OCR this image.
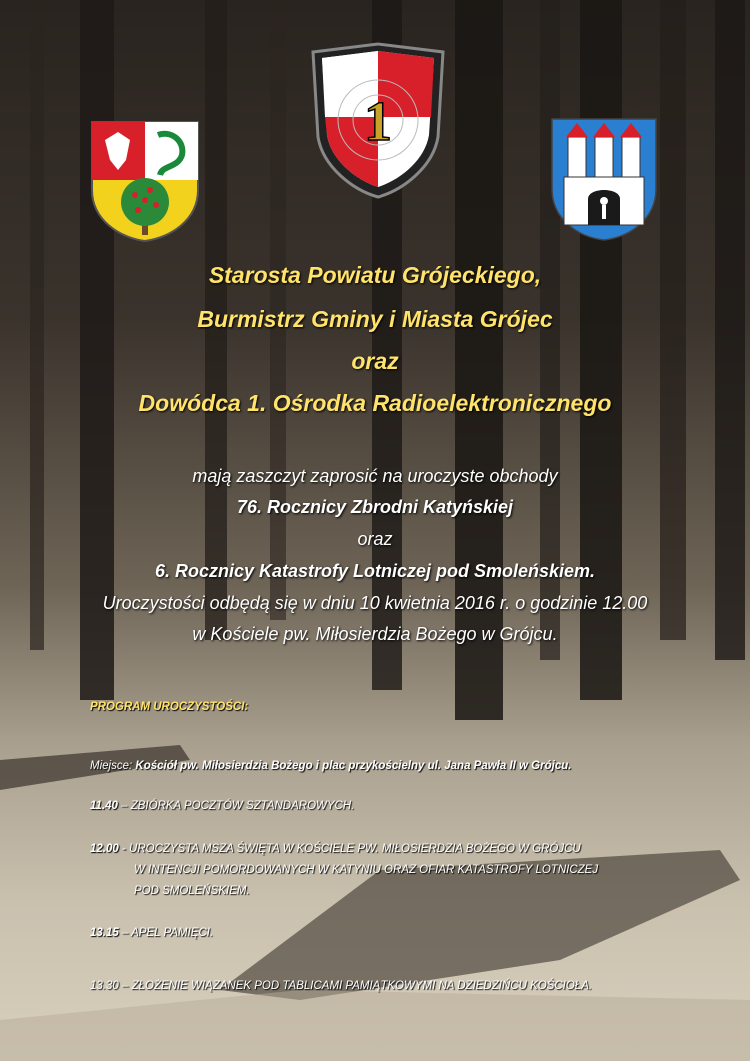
1
Starosta Powiatu Grójeckiego,
Burmistrz Gminy i Miasta Grójec
oraz
Dowódca 1. Ośrodka Radioelektronicznego
mają zaszczyt zaprosić na uroczyste obchody
76. Rocznicy Zbrodni Katyńskiej
oraz
6. Rocznicy Katastrofy Lotniczej pod Smoleńskiem.
Uroczystości odbędą się w dniu 10 kwietnia 2016 r. o godzinie 12.00
w Kościele pw. Miłosierdzia Bożego w Grójcu.
PROGRAM UROCZYSTOŚCI:
Miejsce: Kościół pw. Miłosierdzia Bożego i plac przykościelny ul. Jana Pawła II w Grójcu.
11.40 – ZBIÓRKA POCZTÓW SZTANDAROWYCH.
12.00 - UROCZYSTA MSZA ŚWIĘTA W KOŚCIELE PW. MIŁOSIERDZIA BOŻEGO W GRÓJCU
W INTENCJI POMORDOWANYCH W KATYNIU ORAZ OFIAR KATASTROFY LOTNICZEJ
POD SMOLEŃSKIEM.
13.15 – APEL PAMIĘCI.
13.30 – ZŁOŻENIE WIĄZANEK POD TABLICAMI PAMIĄTKOWYMI NA DZIEDZIŃCU KOŚCIOŁA.
